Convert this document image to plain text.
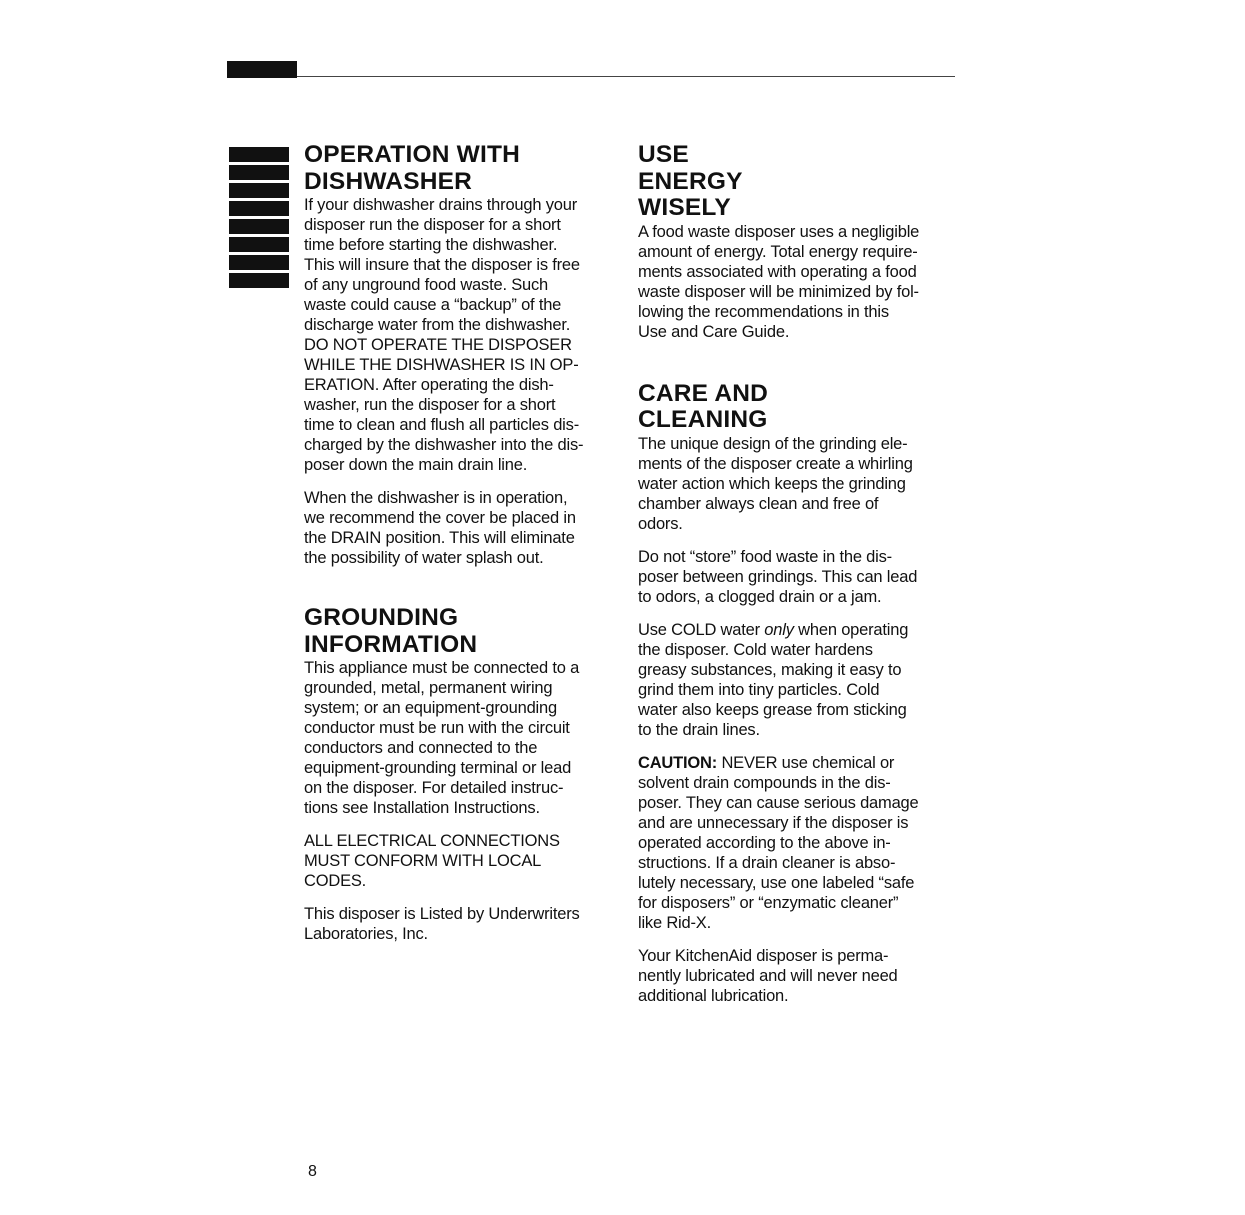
OPERATION WITH
DISHWASHER

If your dishwasher drains through your
disposer run the disposer for a short
time before starting the dishwasher.
This will insure that the disposer is free
of any unground food waste. Such
waste could cause a “backup” of the
discharge water from the dishwasher.
DO NOT OPERATE THE DISPOSER
WHILE THE DISHWASHER IS IN OP-
ERATION. After operating the dish-
washer, run the disposer for a short
time to clean and flush all particles dis-
charged by the dishwasher into the dis-
poser down the main drain line.

When the dishwasher is in operation,
we recommend the cover be placed in
the DRAIN position. This will eliminate
the possibility of water splash out.

GROUNDING
INFORMATION

This appliance must be connected to a
grounded, metal, permanent wiring
system; or an equipment-grounding
conductor must be run with the circuit
conductors and connected to the
equipment-grounding terminal or lead
on the disposer. For detailed instruc-
tions see Installation Instructions.

ALL ELECTRICAL CONNECTIONS
MUST CONFORM WITH LOCAL
CODES.

This disposer is Listed by Underwriters
Laboratories, Inc.

USE
ENERGY
WISELY

A food waste disposer uses a negligible
amount of energy. Total energy require-
ments associated with operating a food
waste disposer will be minimized by fol-
lowing the recommendations in this
Use and Care Guide.

CARE AND
CLEANING

The unique design of the grinding ele-
ments of the disposer create a whirling
water action which keeps the grinding
chamber always clean and free of
odors.

Do not “store” food waste in the dis-
poser between grindings. This can lead
to odors, a clogged drain or a jam.

Use COLD water only when operating
the disposer. Cold water hardens
greasy substances, making it easy to
grind them into tiny particles. Cold
water also keeps grease from sticking
to the drain lines.

CAUTION: NEVER use chemical or
solvent drain compounds in the dis-
poser. They can cause serious damage
and are unnecessary if the disposer is
operated according to the above in-
structions. If a drain cleaner is abso-
lutely necessary, use one labeled “safe
for disposers” or “enzymatic cleaner”
like Rid-X.

Your KitchenAid disposer is perma-
nently lubricated and will never need
additional lubrication.

8
